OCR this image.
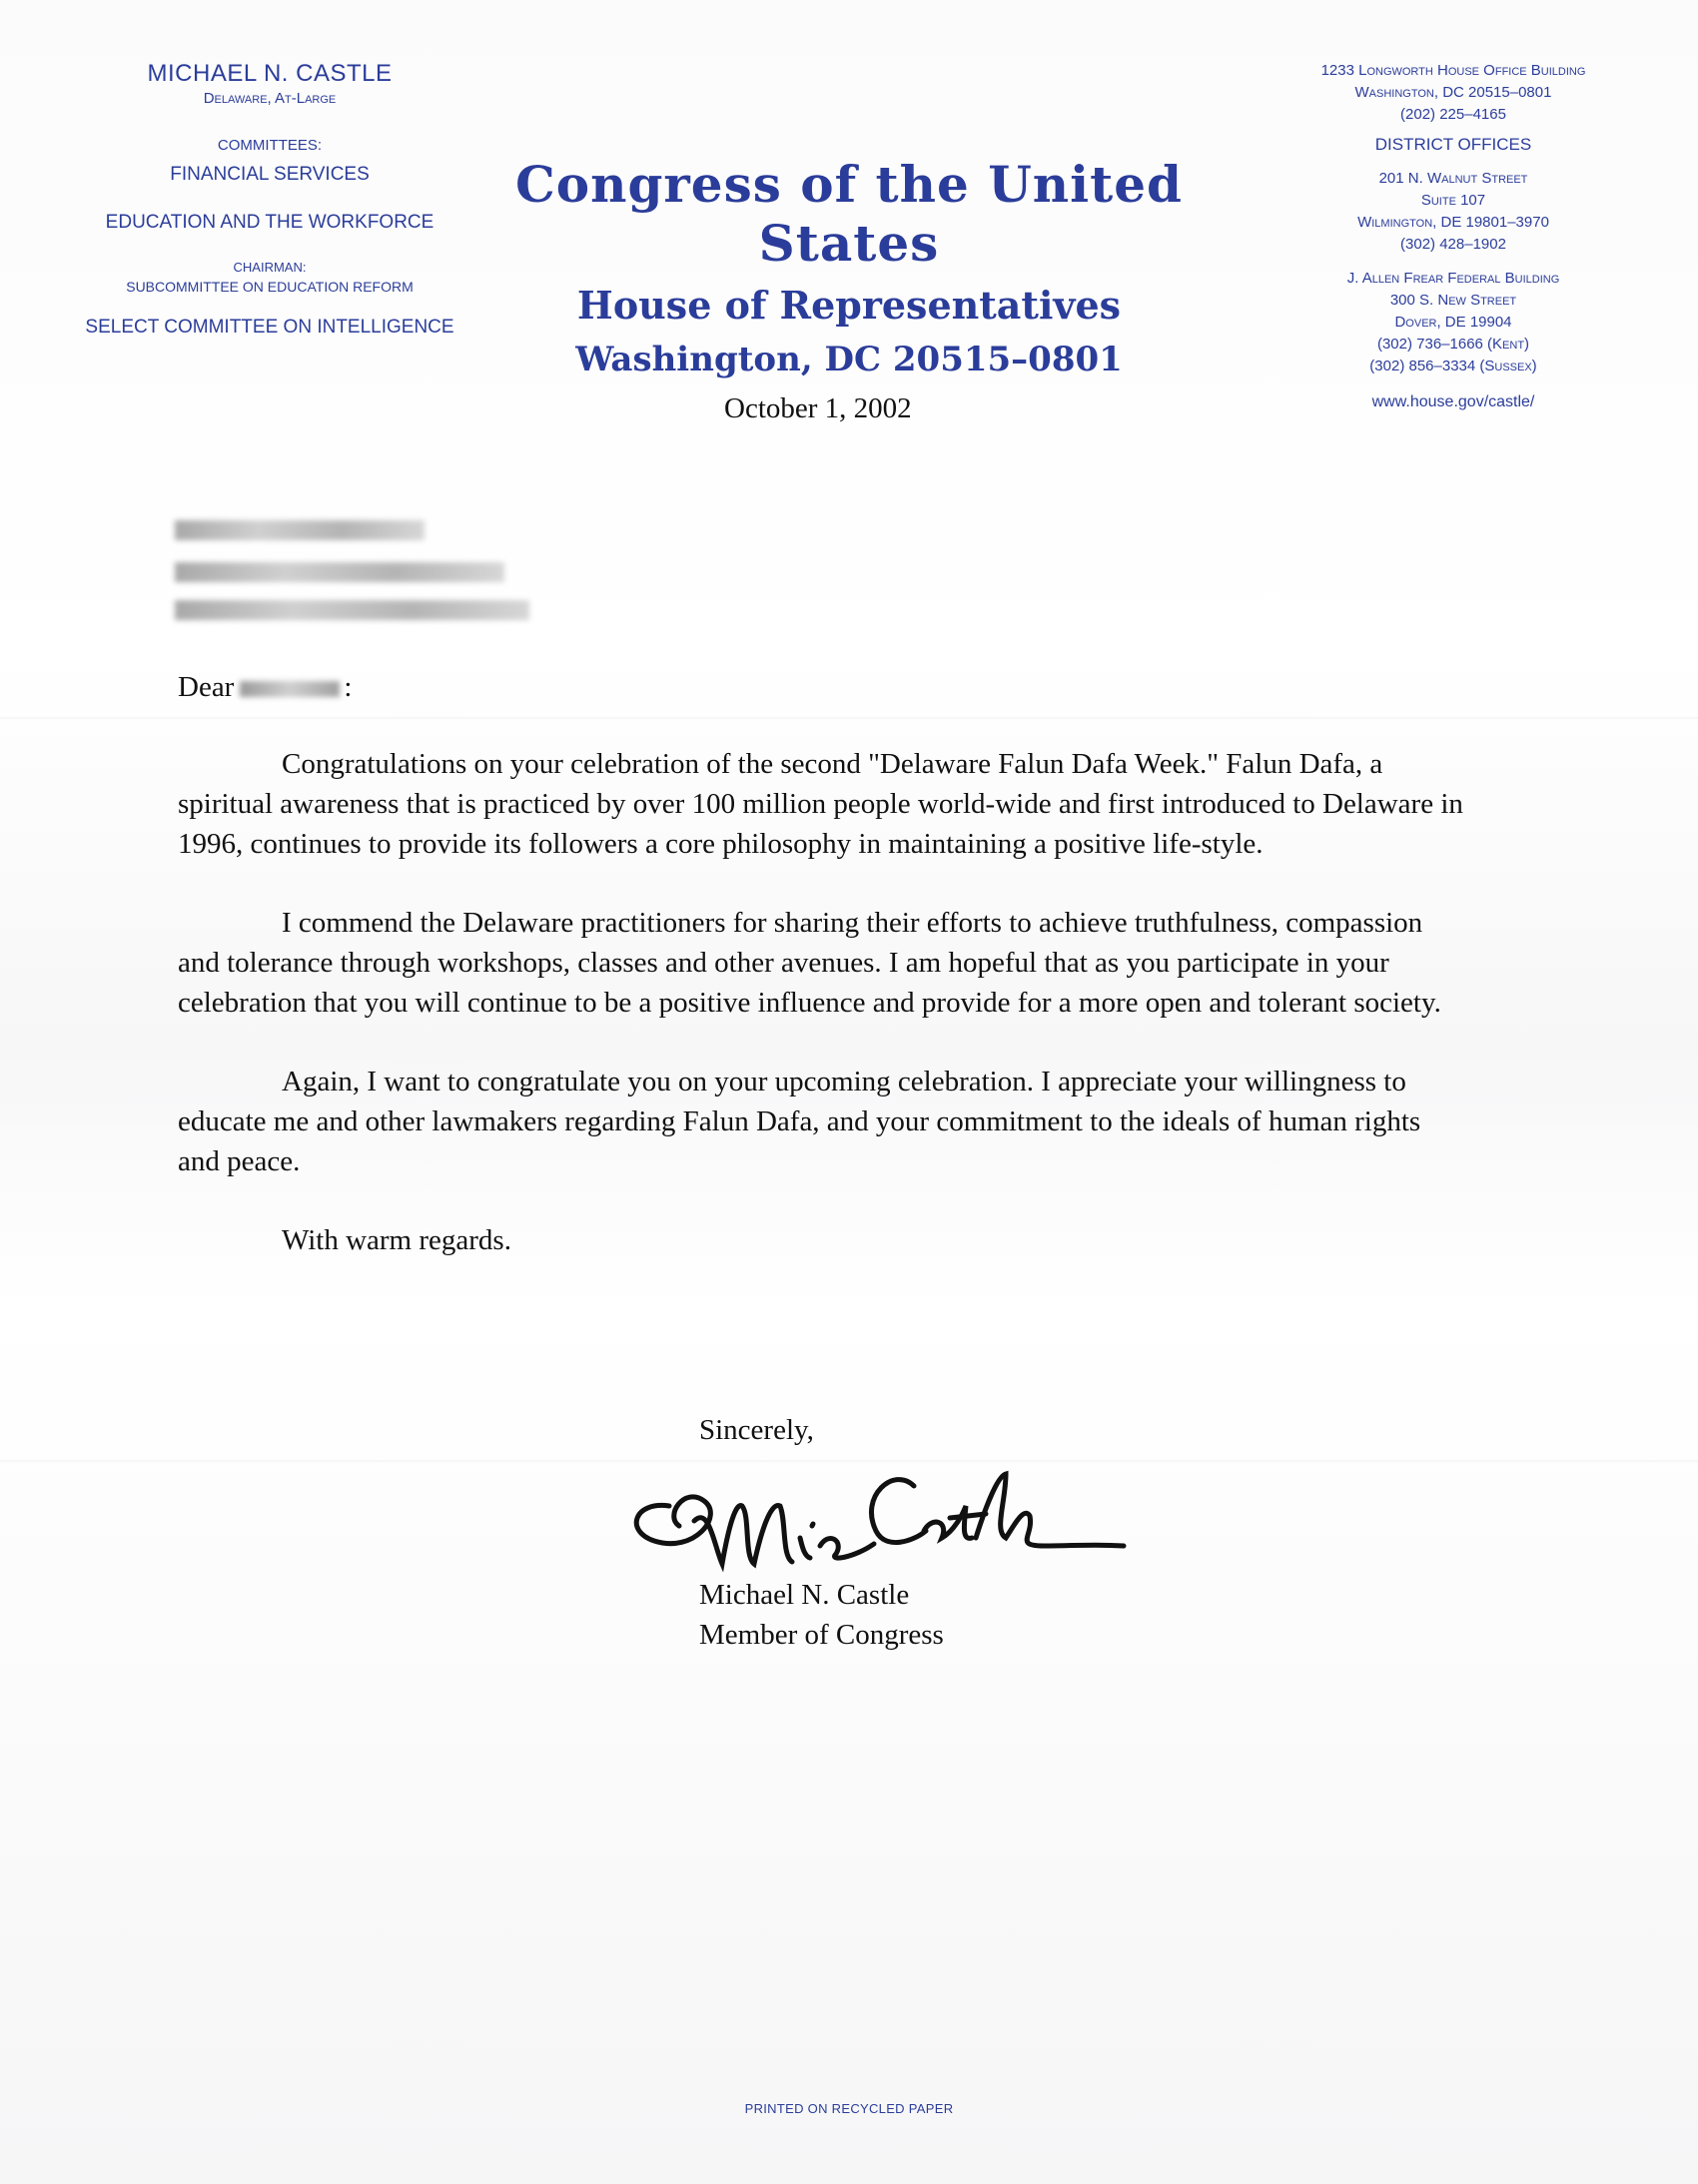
MICHAEL N. CASTLE
Delaware, At-Large
COMMITTEES:
FINANCIAL SERVICES
EDUCATION AND THE WORKFORCE
CHAIRMAN:
SUBCOMMITTEE ON EDUCATION REFORM
SELECT COMMITTEE ON INTELLIGENCE
Congress of the United States
House of Representatives
Washington, DC 20515–0801
1233 Longworth House Office Building
Washington, DC 20515–0801
(202) 225–4165
DISTRICT OFFICES
201 N. Walnut Street
Suite 107
Wilmington, DE 19801–3970
(302) 428–1902
J. Allen Frear Federal Building
300 S. New Street
Dover, DE 19904
(302) 736–1666 (Kent)
(302) 856–3334 (Sussex)
www.house.gov/castle/
October 1, 2002
Dear	:

Congratulations on your celebration of the second "Delaware Falun Dafa Week." Falun Dafa, a spiritual awareness that is practiced by over 100 million people world-wide and first introduced to Delaware in 1996, continues to provide its followers a core philosophy in maintaining a positive life-style.

I commend the Delaware practitioners for sharing their efforts to achieve truthfulness, compassion and tolerance through workshops, classes and other avenues. I am hopeful that as you participate in your celebration that you will continue to be a positive influence and provide for a more open and tolerant society.

Again, I want to congratulate you on your upcoming celebration. I appreciate your willingness to educate me and other lawmakers regarding Falun Dafa, and your commitment to the ideals of human rights and peace.

With warm regards.

Sincerely,
Michael N. Castle
Member of Congress
PRINTED ON RECYCLED PAPER
